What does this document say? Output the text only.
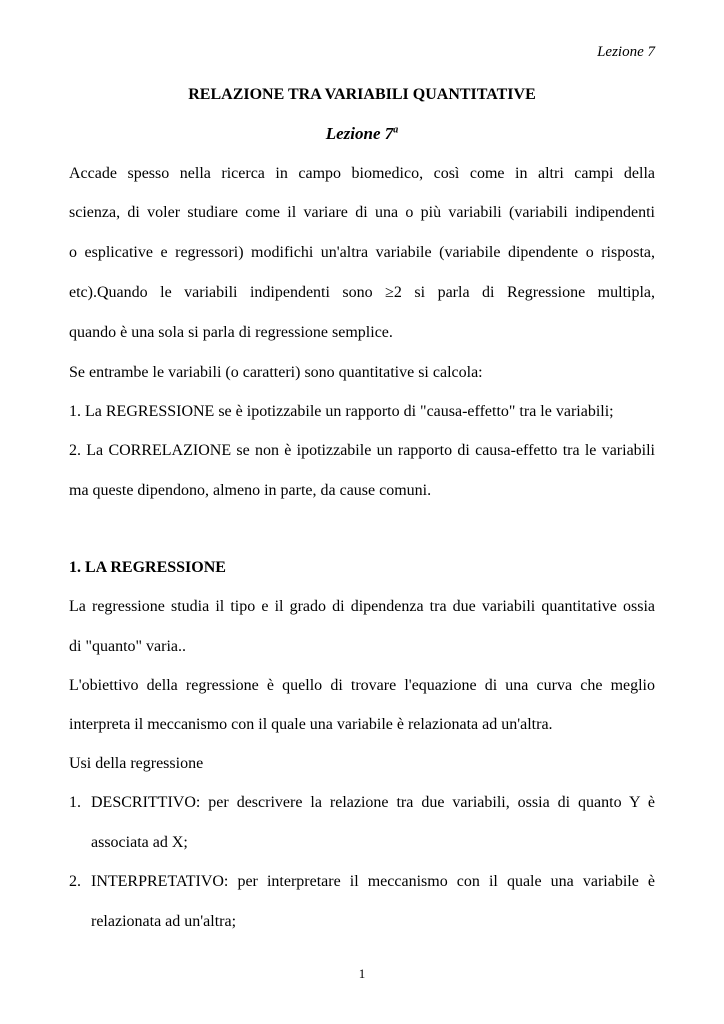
Lezione 7
RELAZIONE TRA VARIABILI QUANTITATIVE
Lezione 7$^a$
Accade spesso nella ricerca in campo biomedico, così come in altri campi della
scienza, di voler studiare come il variare di una o più variabili (variabili indipendenti
o esplicative e regressori) modifichi un'altra variabile (variabile dipendente o risposta,
etc).Quando le variabili indipendenti sono ≥2 si parla di Regressione multipla,
quando è una sola si parla di regressione semplice.
Se entrambe le variabili (o caratteri) sono quantitative si calcola:
1. La REGRESSIONE se è ipotizzabile un rapporto di "causa-effetto" tra le variabili;
2. La CORRELAZIONE se non è ipotizzabile un rapporto di causa-effetto tra le variabili
ma queste dipendono, almeno in parte, da cause comuni.
1. LA REGRESSIONE
La regressione studia il tipo e il grado di dipendenza tra due variabili quantitative ossia
di "quanto" varia..
L'obiettivo della regressione è quello di trovare l'equazione di una curva che meglio
interpreta il meccanismo con il quale una variabile è relazionata ad un'altra.
Usi della regressione
1. DESCRITTIVO: per descrivere la relazione tra due variabili, ossia di quanto Y è
associata ad X;
2. INTERPRETATIVO: per interpretare il meccanismo con il quale una variabile è
relazionata ad un'altra;
1
